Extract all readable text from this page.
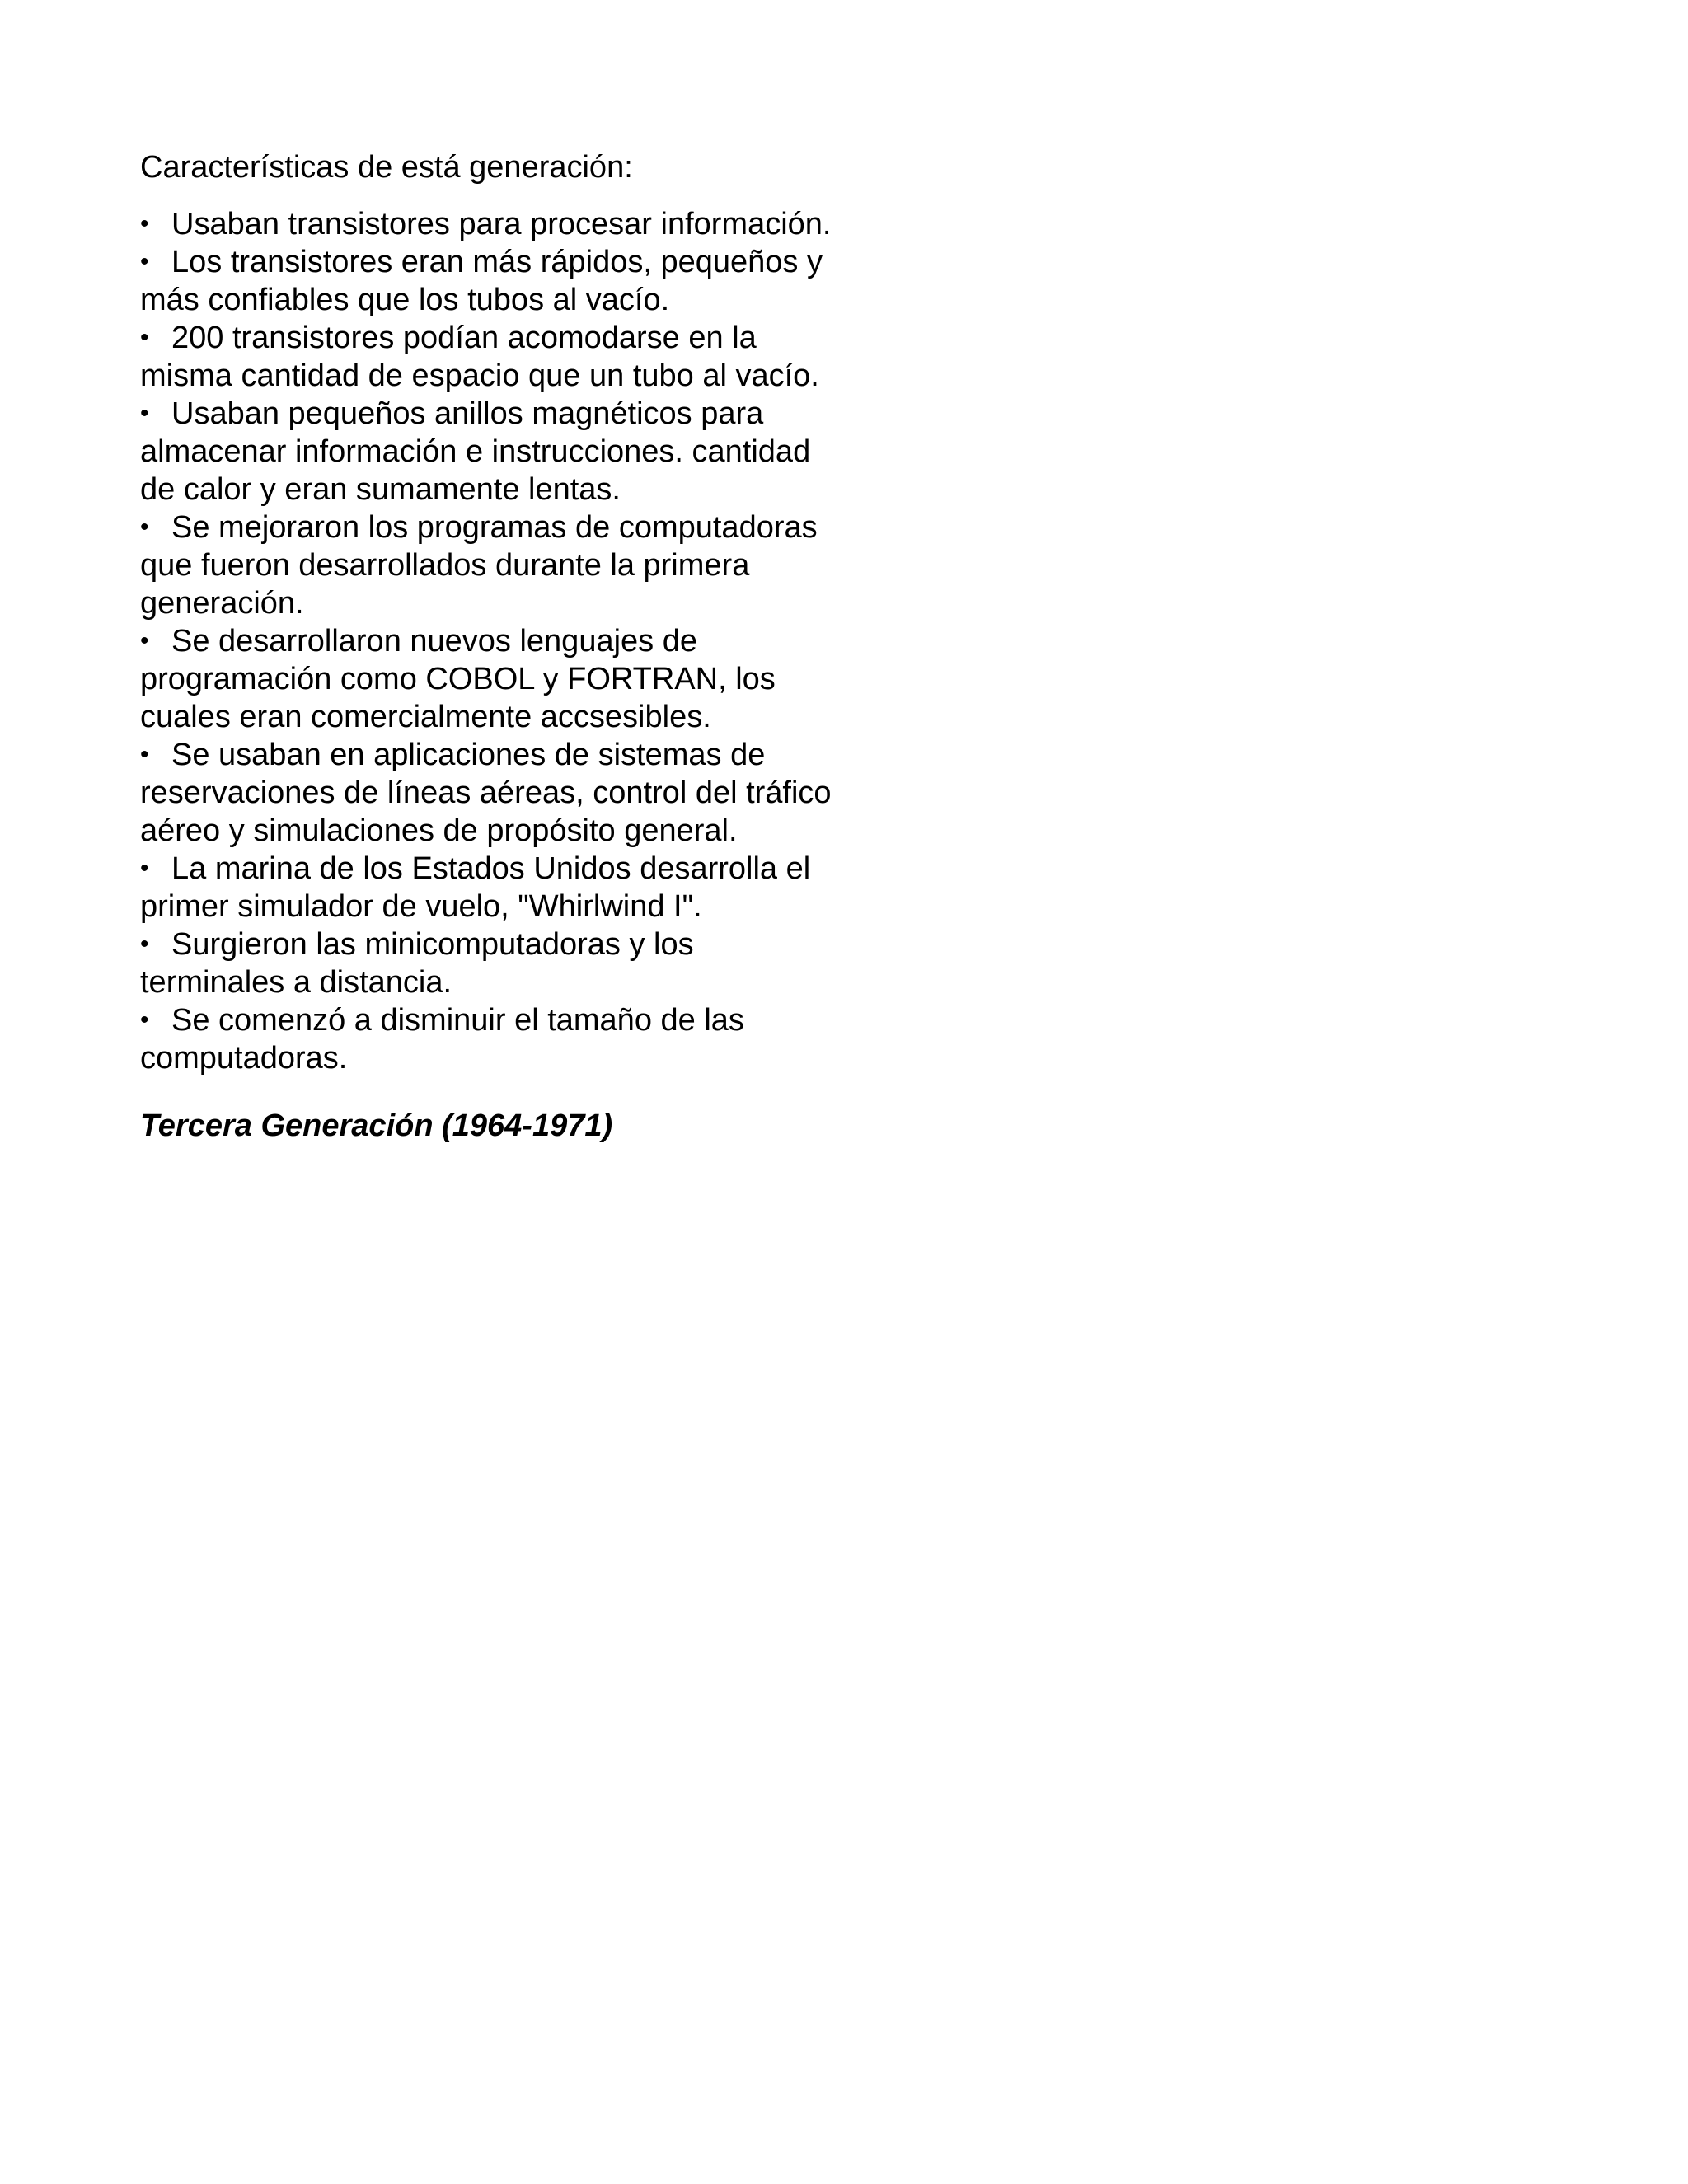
Características de está generación:

• Usaban transistores para procesar información.
• Los transistores eran más rápidos, pequeños y
más confiables que los tubos al vacío.
• 200 transistores podían acomodarse en la
misma cantidad de espacio que un tubo al vacío.
• Usaban pequeños anillos magnéticos para
almacenar información e instrucciones. cantidad
de calor y eran sumamente lentas.
• Se mejoraron los programas de computadoras
que fueron desarrollados durante la primera
generación.
• Se desarrollaron nuevos lenguajes de
programación como COBOL y FORTRAN, los
cuales eran comercialmente accsesibles.
• Se usaban en aplicaciones de sistemas de
reservaciones de líneas aéreas, control del tráfico
aéreo y simulaciones de propósito general.
• La marina de los Estados Unidos desarrolla el
primer simulador de vuelo, "Whirlwind I".
• Surgieron las minicomputadoras y los
terminales a distancia.
• Se comenzó a disminuir el tamaño de las
computadoras.
Tercera Generación (1964-1971)
